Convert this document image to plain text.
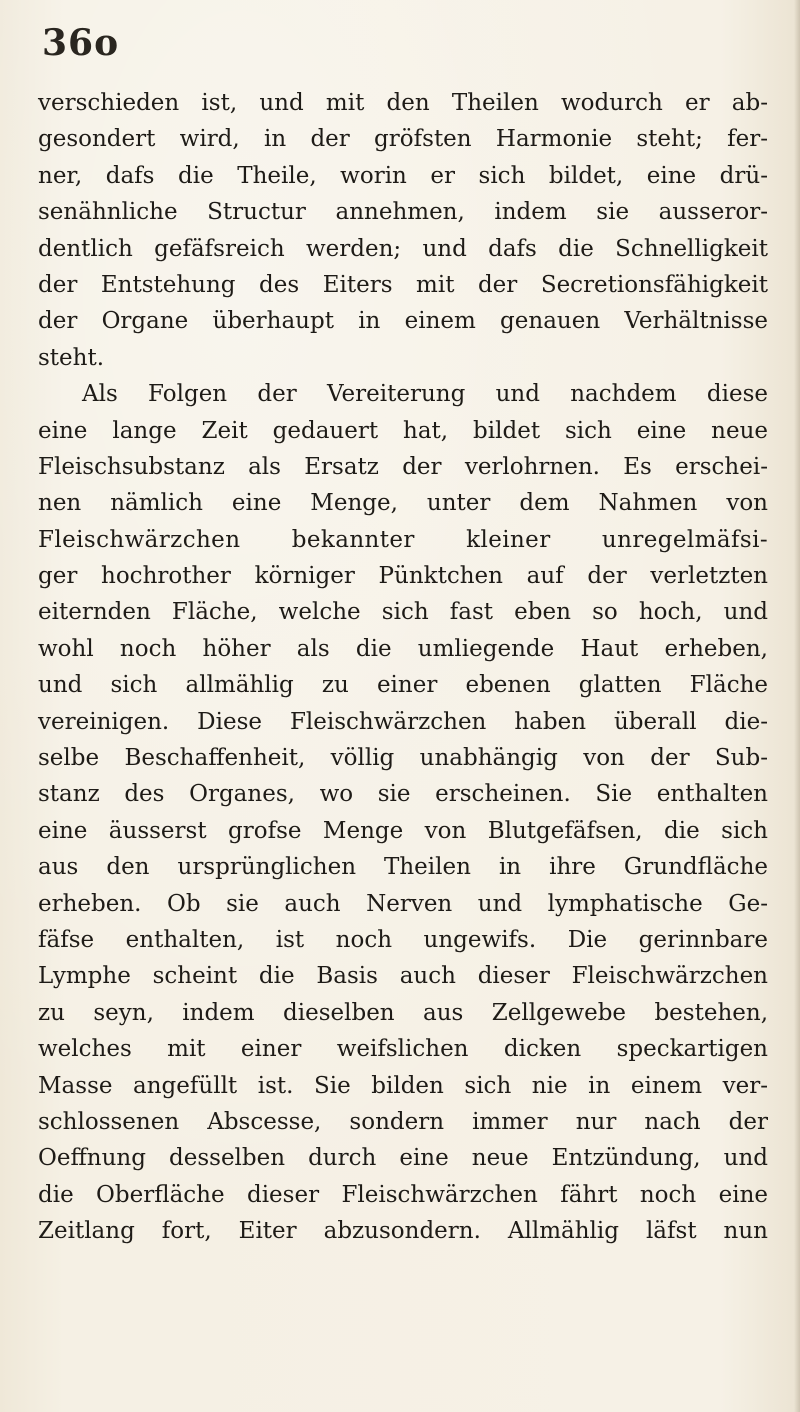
36o
verschieden ist, und mit den Theilen wodurch er ab-
gesondert wird, in der gröfsten Harmonie steht; fer-
ner, dafs die Theile, worin er sich bildet, eine drü-
senähnliche Structur annehmen, indem sie ausseror-
dentlich gefäfsreich werden; und dafs die Schnelligkeit
der Entstehung des Eiters mit der Secretionsfähigkeit
der Organe überhaupt in einem genauen Verhältnisse
steht.
Als Folgen der Vereiterung und nachdem diese
eine lange Zeit gedauert hat, bildet sich eine neue
Fleischsubstanz als Ersatz der verlohrnen. Es erschei-
nen nämlich eine Menge, unter dem Nahmen von
Fleischwärzchen bekannter kleiner unregelmäfsi-
ger hochrother körniger Pünktchen auf der verletzten
eiternden Fläche, welche sich fast eben so hoch, und
wohl noch höher als die umliegende Haut erheben,
und sich allmählig zu einer ebenen glatten Fläche
vereinigen. Diese Fleischwärzchen haben überall die-
selbe Beschaffenheit, völlig unabhängig von der Sub-
stanz des Organes, wo sie erscheinen. Sie enthalten
eine äusserst grofse Menge von Blutgefäfsen, die sich
aus den ursprünglichen Theilen in ihre Grundfläche
erheben. Ob sie auch Nerven und lymphatische Ge-
fäfse enthalten, ist noch ungewifs. Die gerinnbare
Lymphe scheint die Basis auch dieser Fleischwärzchen
zu seyn, indem dieselben aus Zellgewebe bestehen,
welches mit einer weifslichen dicken speckartigen
Masse angefüllt ist. Sie bilden sich nie in einem ver-
schlossenen Abscesse, sondern immer nur nach der
Oeffnung desselben durch eine neue Entzündung, und
die Oberfläche dieser Fleischwärzchen fährt noch eine
Zeitlang fort, Eiter abzusondern. Allmählig läfst nun
